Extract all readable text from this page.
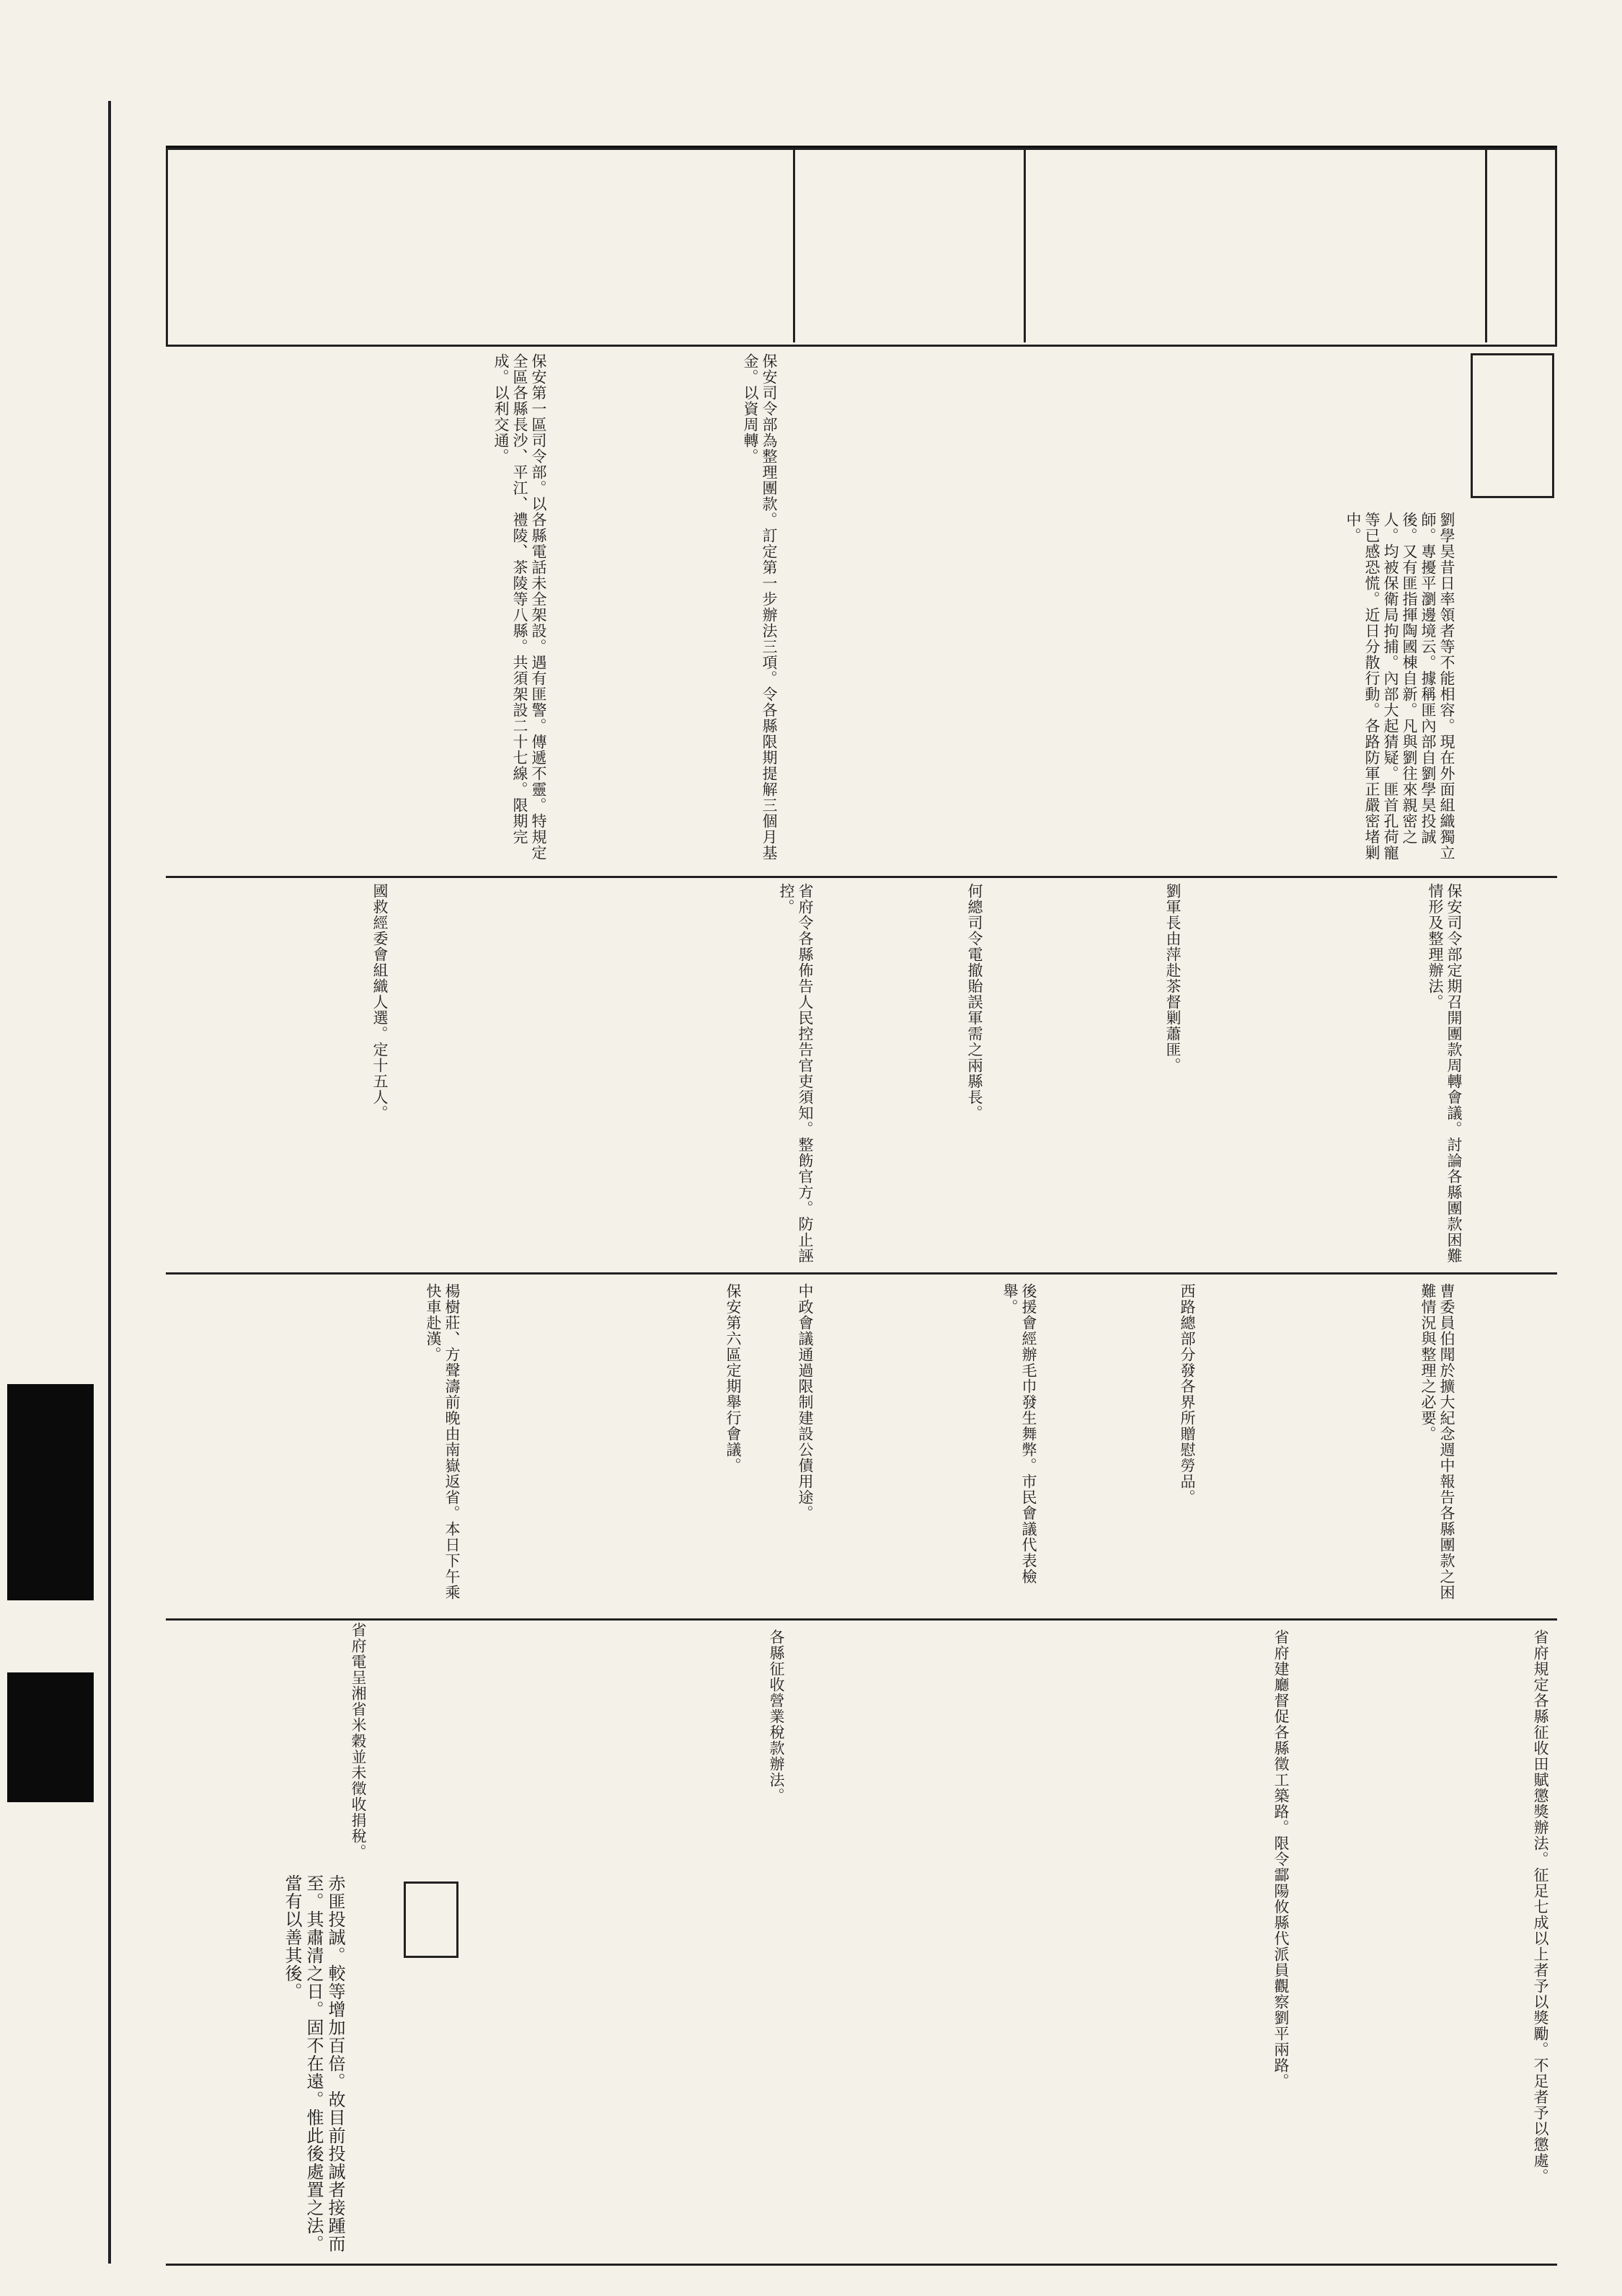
劉學昊昔日率領者等不能相容。現在外面組織獨立師。專擾平瀏邊境云。據稱匪內部自劉學昊投誠後。又有匪指揮陶國棟自新。凡與劉往來親密之人。均被保衛局拘捕。內部大起猜疑。匪首孔荷寵等已感恐慌。近日分散行動。各路防軍正嚴密堵剿中。
保安司令部為整理團款。訂定第一步辦法三項。令各縣限期提解三個月基金。以資周轉。
保安第一區司令部。以各縣電話未全架設。遇有匪警。傳遞不靈。特規定全區各縣長沙、平江、禮陵、茶陵等八縣。共須架設二十七線。限期完成。以利交通。
保安司令部定期召開團款周轉會議。討論各縣團款困難情形及整理辦法。
劉軍長由萍赴茶督剿蕭匪。
何總司令電撤貽誤軍需之兩縣長。
省府令各縣佈告人民控告官吏須知。整飭官方。防止誣控。
國救經委會組織人選。定十五人。
楊樹莊、方聲濤前晚由南嶽返省。本日下午乘快車赴漢。	曹委員伯聞於擴大紀念週中報告各縣團款之困難情況與整理之必要。
西路總部分發各界所贈慰勞品。
後援會經辦毛巾發生舞弊。市民會議代表檢舉。
中政會議通過限制建設公債用途。
保安第六區定期舉行會議。
省府電呈湘省米穀並未徵收捐稅。	省府規定各縣征收田賦懲獎辦法。征足七成以上者予以獎勵。不足者予以懲處。
省府建廳督促各縣徵工築路。限令酃陽攸縣代派員觀察劉平兩路。
各縣征收營業稅款辦法。
赤匪投誠。較等增加百倍。故目前投誠者接踵而至。其肅清之日。固不在遠。惟此後處置之法。當有以善其後。
